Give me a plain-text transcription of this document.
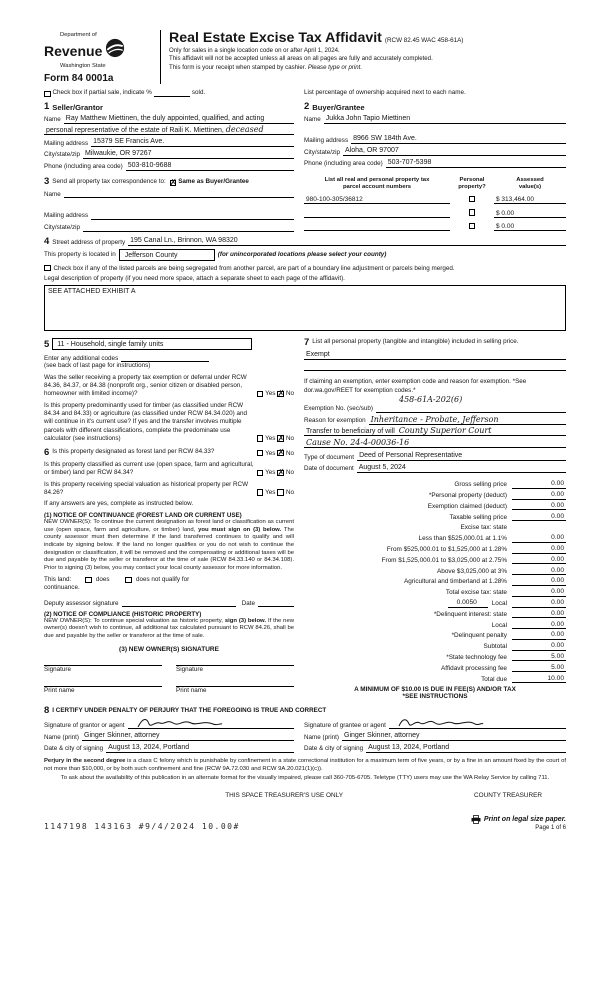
Department of
Revenue
Washington State
Form 84 0001a
Real Estate Excise Tax Affidavit (RCW 82.45 WAC 458-61A)
Only for sales in a single location code on or after April 1, 2024.
This affidavit will not be accepted unless all areas on all pages are fully and accurately completed.
This form is your receipt when stamped by cashier. Please type or print.
Check box if partial sale, indicate %	sold.	List percentage of ownership acquired next to each name.
1 Seller/Grantor
Name Ray Matthew Miettinen, the duly appointed, qualified, and acting
personal representative of the estate of Raili K. Miettinen, deceased
Mailing address 15379 SE Francis Ave.
City/state/zip Milwaukie, OR 97267
Phone (including area code) 503-810-9688
2 Buyer/Grantee
Name Jukka John Tapio Miettinen
Mailing address 8966 SW 184th Ave.
City/state/zip Aloha, OR 97007
Phone (including area code) 503-707-5398
3 Send all property tax correspondence to: ✗ Same as Buyer/Grantee
Name
Mailing address
City/state/zip
List all real and personal property tax
parcel account numbers
Personal
property?
Assessed
value(s)
980-100-305/36812	$ 313,464.00
$ 0.00
$ 0.00
4 Street address of property 195 Canal Ln., Brinnon, WA 98320
This property is located in	Jefferson County	(for unincorporated locations please select your county)
Check box if any of the listed parcels are being segregated from another parcel, are part of a boundary line adjustment or parcels being merged.
Legal description of property (if you need more space, attach a separate sheet to each page of the affidavit).
SEE ATTACHED EXHIBIT A
5	11 - Household, single family units
Enter any additional codes
(see back of last page for instructions)
Was the seller receiving a property tax exemption or deferral under RCW 84.36, 84.37, or 84.38 (nonprofit org., senior citizen or disabled person, homeowner with limited income)?	Yes ✗ No
Is this property predominantly used for timber (as classified under RCW 84.34 and 84.33) or agriculture (as classified under RCW 84.34.020) and will continue in it's current use? If yes and the transfer involves multiple parcels with different classifications, complete the predominate use calculator (see instructions)	Yes ✗ No
6 Is this property designated as forest land per RCW 84.33?	Yes ✗ No
Is this property classified as current use (open space, farm and agricultural, or timber) land per RCW 84.34?	Yes ✗ No
Is this property receiving special valuation as historical property per RCW 84.26?	Yes No
If any answers are yes, complete as instructed below.
(1) NOTICE OF CONTINUANCE (FOREST LAND OR CURRENT USE)
NEW OWNER(S): To continue the current designation as forest land or classification as current use (open space, farm and agriculture, or timber) land, you must sign on (3) below. The county assessor must then determine if the land transferred continues to qualify and will indicate by signing below. If the land no longer qualifies or you do not wish to continue the designation or classification, it will be removed and the compensating or additional taxes will be due and payable by the seller or transferor at the time of sale (RCW 84.33.140 or 84.34.108). Prior to signing (3) below, you may contact your local county assessor for more information.
This land:	does	does not qualify for
continuance.
Deputy assessor signature	Date
(2) NOTICE OF COMPLIANCE (HISTORIC PROPERTY)
NEW OWNER(S): To continue special valuation as historic property, sign (3) below. If the new owner(s) doesn't wish to continue, all additional tax calculated pursuant to RCW 84.26, shall be due and payable by the seller or transferor at the time of sale.
(3) NEW OWNER(S) SIGNATURE
Signature	Signature
Print name	Print name
7 List all personal property (tangible and intangible) included in selling price.
Exempt
If claiming an exemption, enter exemption code and reason for exemption. *See dor.wa.gov/REET for exemption codes.*
458-61A-202(6)
Exemption No. (sec/sub)
Reason for exemption Inheritance - Probate, Jefferson
Transfer to beneficiary of will County Superior Court
Cause No. 24-4-00036-16
Type of document Deed of Personal Representative
Date of document August 5, 2024
Gross selling price	0.00
*Personal property (deduct)	0.00
Exemption claimed (deduct)	0.00
Taxable selling price	0.00
Excise tax: state
Less than $525,000.01 at 1.1%	0.00
From $525,000.01 to $1,525,000 at 1.28%	0.00
From $1,525,000.01 to $3,025,000 at 2.75%	0.00
Above $3,025,000 at 3%	0.00
Agricultural and timberland at 1.28%	0.00
Total excise tax: state	0.00
0.0050	Local	0.00
*Delinquent interest: state	0.00
Local	0.00
*Delinquent penalty	0.00
Subtotal	0.00
*State technology fee	5.00
Affidavit processing fee	5.00
Total due	10.00
A MINIMUM OF $10.00 IS DUE IN FEE(S) AND/OR TAX
*SEE INSTRUCTIONS
8 I CERTIFY UNDER PENALTY OF PERJURY THAT THE FOREGOING IS TRUE AND CORRECT
Signature of grantor or agent
Name (print) Ginger Skinner, attorney
Date & city of signing August 13, 2024, Portland
Signature of grantee or agent
Name (print) Ginger Skinner, attorney
Date & city of signing August 13, 2024, Portland
Perjury in the second degree is a class C felony which is punishable by confinement in a state correctional institution for a maximum term of five years, or by a fine in an amount fixed by the court of not more than $10,000, or by both such confinement and fine (RCW 9A.72.030 and RCW 9A.20.021(1)(c)).
To ask about the availability of this publication in an alternate format for the visually impaired, please call 360-705-6705. Teletype (TTY) users may use the WA Relay Service by calling 711.
THIS SPACE TREASURER'S USE ONLY	COUNTY TREASURER
1147198 143163 #9/4/2024 10.00#
Print on legal size paper.
Page 1 of 6
